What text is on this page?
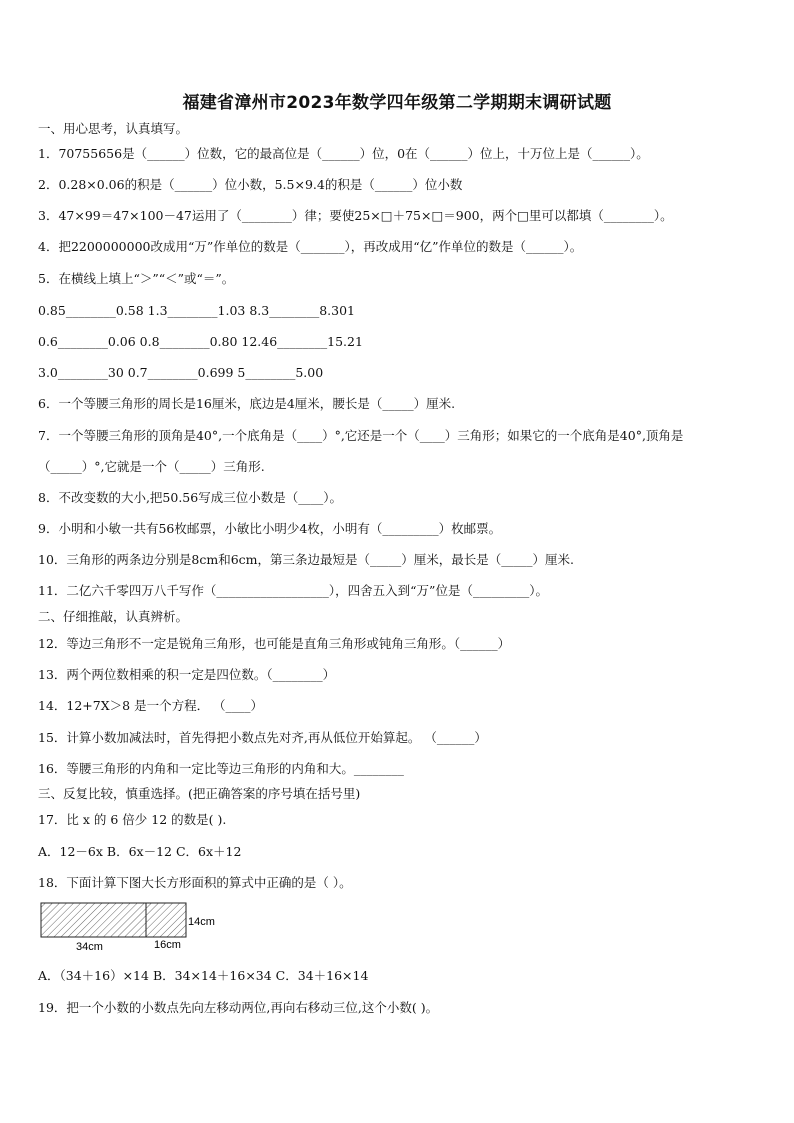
福建省漳州市2023年数学四年级第二学期期末调研试题
一、用心思考，认真填写。
1．70755656是（______）位数，它的最高位是（______）位，0在（______）位上，十万位上是（______）。
2．0.28×0.06的积是（______）位小数，5.5×9.4的积是（______）位小数
3．47×99＝47×100－47运用了（________）律；要使25×□＋75×□＝900，两个□里可以都填（________）。
4．把2200000000改成用“万”作单位的数是（_______），再改成用“亿”作单位的数是（______）。
5．在横线上填上“＞”“＜”或“＝”。
0.85________0.58 1.3________1.03 8.3________8.301
0.6________0.06 0.8________0.80 12.46________15.21
3.0________30 0.7________0.699 5________5.00
6．一个等腰三角形的周长是16厘米，底边是4厘米，腰长是（_____）厘米.
7．一个等腰三角形的顶角是40°,一个底角是（____）°,它还是一个（____）三角形；如果它的一个底角是40°,顶角是
（_____）°,它就是一个（_____）三角形.
8．不改变数的大小,把50.56写成三位小数是（____）。
9．小明和小敏一共有56枚邮票，小敏比小明少4枚，小明有（_________）枚邮票。
10．三角形的两条边分别是8cm和6cm，第三条边最短是（_____）厘米，最长是（_____）厘米.
11．二亿六千零四万八千写作（__________________），四舍五入到“万”位是（_________）。
二、仔细推敲，认真辨析。
12．等边三角形不一定是锐角三角形，也可能是直角三角形或钝角三角形。（______）
13．两个两位数相乘的积一定是四位数。（________）
14．12+7X＞8 是一个方程． （____）
15．计算小数加减法时，首先得把小数点先对齐,再从低位开始算起。 （______）
16．等腰三角形的内角和一定比等边三角形的内角和大。________
三、反复比较，慎重选择。(把正确答案的序号填在括号里)
17．比 x 的 6 倍少 12 的数是( ).
A．12－6x B．6x－12 C．6x＋12
18．下面计算下图大长方形面积的算式中正确的是（ ）。
A．（34＋16）×14 B．34×14＋16×34 C．34＋16×14
19．把一个小数的小数点先向左移动两位,再向右移动三位,这个小数( )。
14cm
34cm	16cm
